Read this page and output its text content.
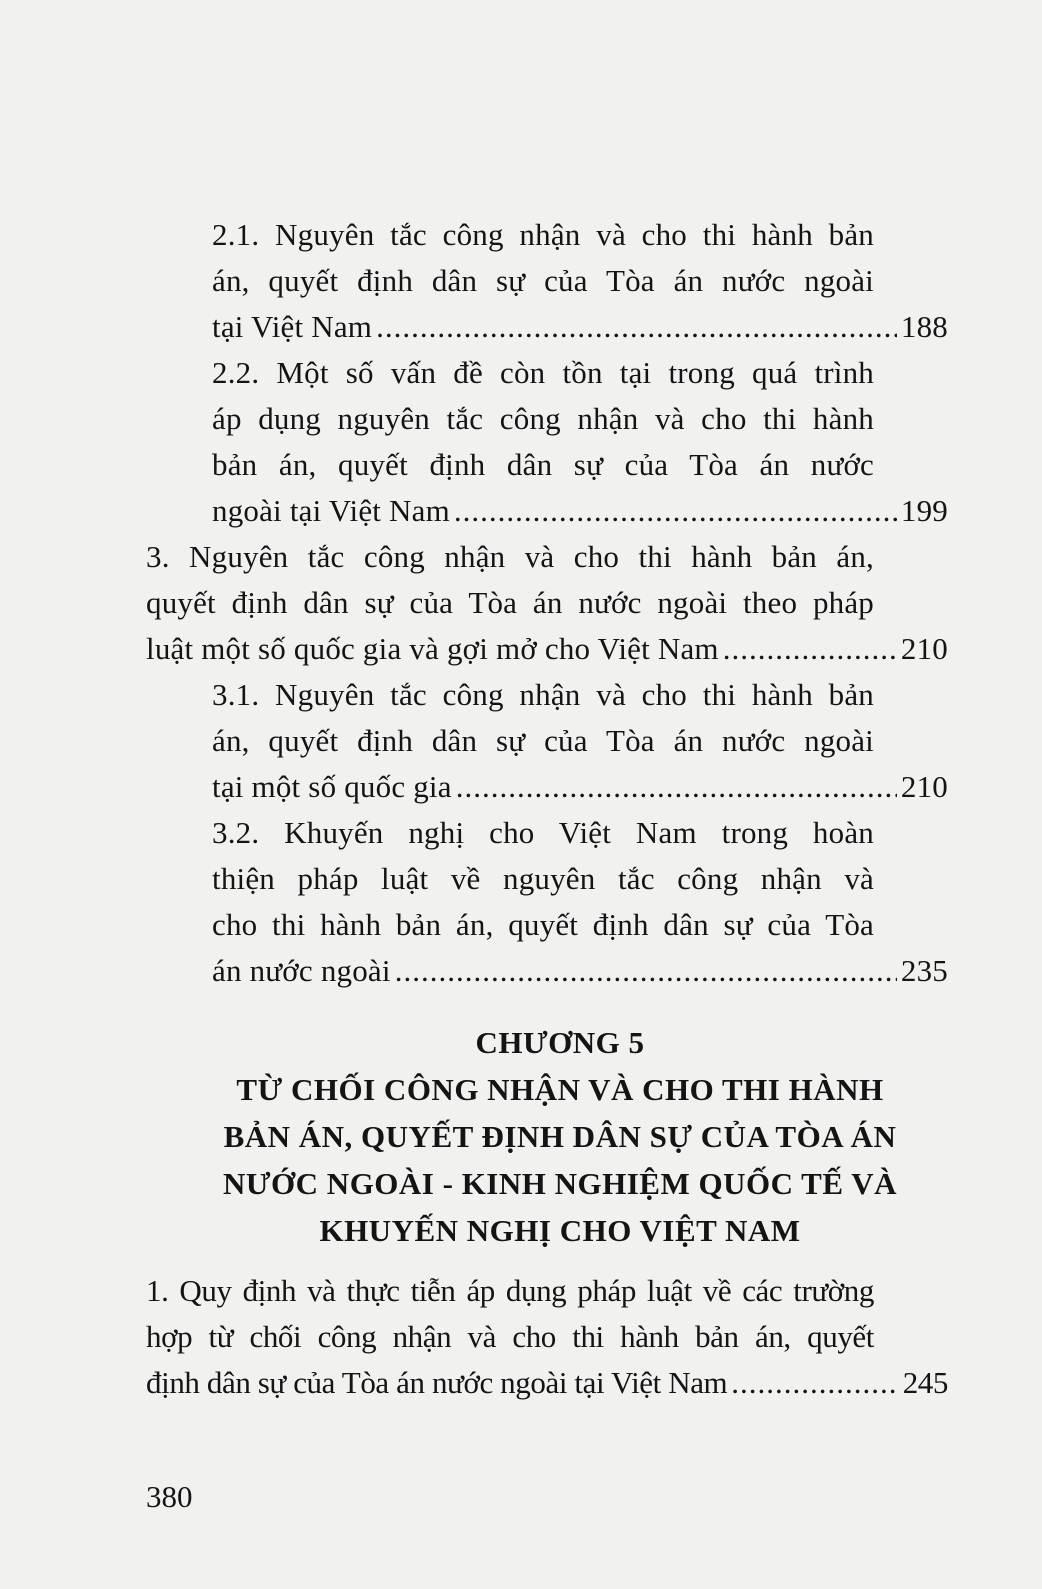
2.1. Nguyên tắc công nhận và cho thi hành bản
án, quyết định dân sự của Tòa án nước ngoài
tại Việt Nam .....	188
2.2. Một số vấn đề còn tồn tại trong quá trình
áp dụng nguyên tắc công nhận và cho thi hành
bản án, quyết định dân sự của Tòa án nước
ngoài tại Việt Nam .....	199
3. Nguyên tắc công nhận và cho thi hành bản án,
quyết định dân sự của Tòa án nước ngoài theo pháp
luật một số quốc gia và gợi mở cho Việt Nam .....	210
3.1. Nguyên tắc công nhận và cho thi hành bản
án, quyết định dân sự của Tòa án nước ngoài
tại một số quốc gia .....	210
3.2. Khuyến nghị cho Việt Nam trong hoàn
thiện pháp luật về nguyên tắc công nhận và
cho thi hành bản án, quyết định dân sự của Tòa
án nước ngoài .....	235
CHƯƠNG 5
TỪ CHỐI CÔNG NHẬN VÀ CHO THI HÀNH
BẢN ÁN, QUYẾT ĐỊNH DÂN SỰ CỦA TÒA ÁN
NƯỚC NGOÀI - KINH NGHIỆM QUỐC TẾ VÀ
KHUYẾN NGHỊ CHO VIỆT NAM
1. Quy định và thực tiễn áp dụng pháp luật về các trường
hợp từ chối công nhận và cho thi hành bản án, quyết
định dân sự của Tòa án nước ngoài tại Việt Nam .....	245
380
